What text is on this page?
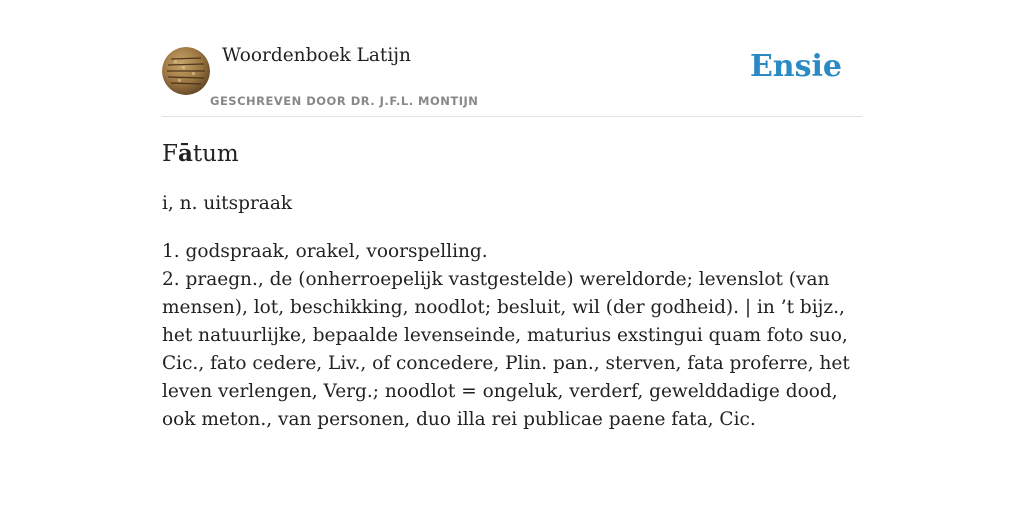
Woordenboek Latijn
GESCHREVEN DOOR DR. J.F.L. MONTIJN
Ensie
Fātum
i, n. uitspraak

1. godspraak, orakel, voorspelling.

2. praegn., de (onherroepelijk vastgestelde) wereldorde; levenslot (van mensen), lot, beschikking, noodlot; besluit, wil (der godheid). | in ’t bijz., het natuurlijke, bepaalde levenseinde, maturius exstingui quam foto suo, Cic., fato cedere, Liv., of concedere, Plin. pan., sterven, fata proferre, het leven verlengen, Verg.; noodlot = ongeluk, verderf, gewelddadige dood, ook meton., van personen, duo illa rei publicae paene fata, Cic.
